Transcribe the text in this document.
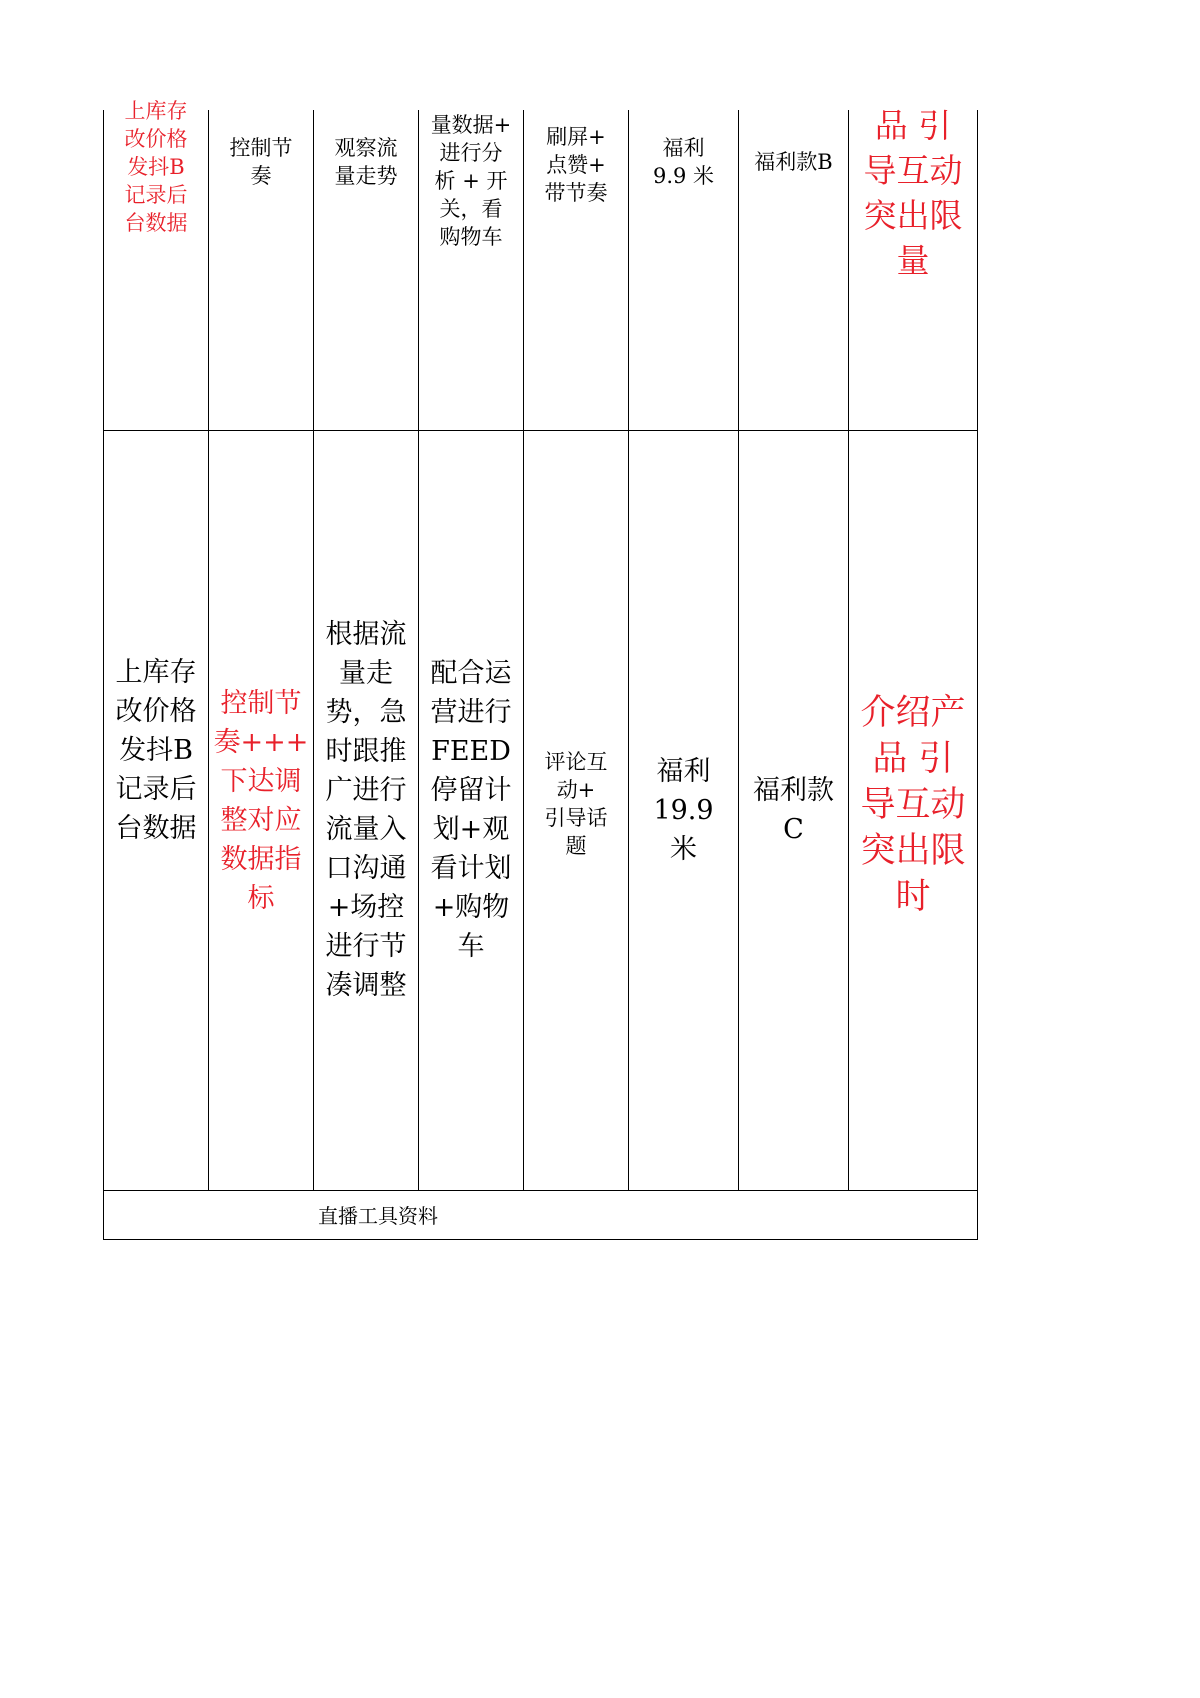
上库存
改价格
发抖B
记录后
台数据
控制节
奏
观察流
量走势
量数据+
进行分
析 + 开
关，看
购物车
刷屏+
点赞+
带节奏
福利
9.9 米
福利款B
品 引
导互动
突出限
量
上库存
改价格
发抖B
记录后
台数据
控制节
奏+++
下达调
整对应
数据指
标
根据流
量走
势，急
时跟推
广进行
流量入
口沟通
+场控
进行节
凑调整
配合运
营进行
FEED
停留计
划+观
看计划
+购物
车
评论互
动+
引导话
题
福利
19.9
米
福利款
C
介绍产
品 引
导互动
突出限
时
直播工具资料
